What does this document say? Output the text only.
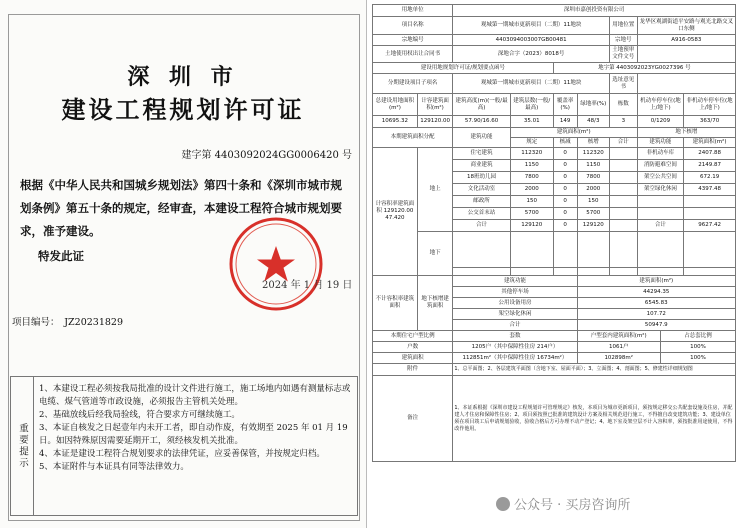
深 圳 市
建设工程规划许可证
建字第 4403092024GG0006420 号
根据《中华人民共和国城乡规划法》第四十条和《深圳市城市规划条例》第五十条的规定，经审查，本建设工程符合城市规划要求，准予建设。
特发此证
2024 年 1 月 19 日
项目编号：　JZ20231829
重要提示
1、本建设工程必须按我局批准的设计文件进行施工，施工场地内如遇有测量标志或电缆、煤气管道等市政设施，必须报告主管机关处理。
2、基础放线后经我局验线，符合要求方可继续施工。
3、本证自核发之日起壹年内未开工者，即自动作废，有效期至 2025 年 01 月 19 日。如因特殊原因需要延期开工，须经核发机关批准。
4、本证是建设工程符合规划要求的法律凭证，应妥善保管，并按规定归档。
5、本证附件与本证具有同等法律效力。
用地单位		深圳市嘉创投资有限公司							
项目名称		观城第一期城市更新项目（二期）11地块				用地位置	龙华区观湖街道平安路与观光北路交叉口东侧		
宗地编号		4403094003007GB00481				宗地号	A916-0583		
土地使用权出让合同书		深地合字（2023）8018号				土地预审文件文号			
建设用地规划许可证/规划要点函号				地字第 4403092023YG0027396 号					
分期建设项目子项名		观城第一期城市更新项目（二期）11地块				选址意见书			
总建设用地面积(m²)	计容建筑面积(m²)	建筑高度(m)(一般/最高)	建筑层数(一般/最高)	覆盖率(%)	绿地率(%)	栋数	机动车停车位(地上/地下)		非机动车停车位(地上/地下)
10695.32	129120.00	57.90/16.60	35.01	149	48/3	3	0/1209		363/70
本期建筑面积分配		建筑功能	建筑面积(m²)				地下核增		
			规定	核减	核增	合计	建筑功能		建筑面积(m²)
计容积率建筑面积 129120.00 47.420	地上	住宅建筑	112320	0	112320		非机动车库		2407.88
		商业建筑	1150	0	1150		消防避难空间		2149.87
		18班幼儿园	7800	0	7800		架空公共空间		672.19
		文化活动室	2000	0	2000		架空绿化休闲		4397.48
		邮政所	150	0	150				
		公交首末站	5700	0	5700				
		合计	129120	0	129120		合计		9627.42
	地下								

不计容积率建筑面积	地下核增建筑面积	建筑功能			建筑面积(m²)				
		其他停车场			44294.35				
		公用设备用房			6545.83				
		架空绿化休闲			107.72				
		合计			50947.9				
本期住宅户型比例		套数			户型套内建筑面积(m²)			占总套比例	
户数		1205户（其中保障性住房 214户）			1061户			100%	
建筑面积		112851m²（其中保障性住房 16734m²）			102898m²			100%	
附件		1、总平面图；2、各层建筑平面图（含地下室、屋面平面）；3、立面图；4、剖面图；5、修建性详细规划图							
备注		1、本证系根据《深圳市建设工程规划许可管理规定》核发，本项目为城市更新项目，须按规定移交公共配套设施及住房，并配建人才住房和保障性住房；2、项目须按照已批准的建筑设计方案及相关规范进行施工，不得擅自改变建筑功能；3、建设单位须在项目竣工后申请规划验收，验收合格后方可办理不动产登记；4、地下室及架空层不计入容积率，须按批准用途使用，不得改作他用。							
公众号 · 买房咨询所
